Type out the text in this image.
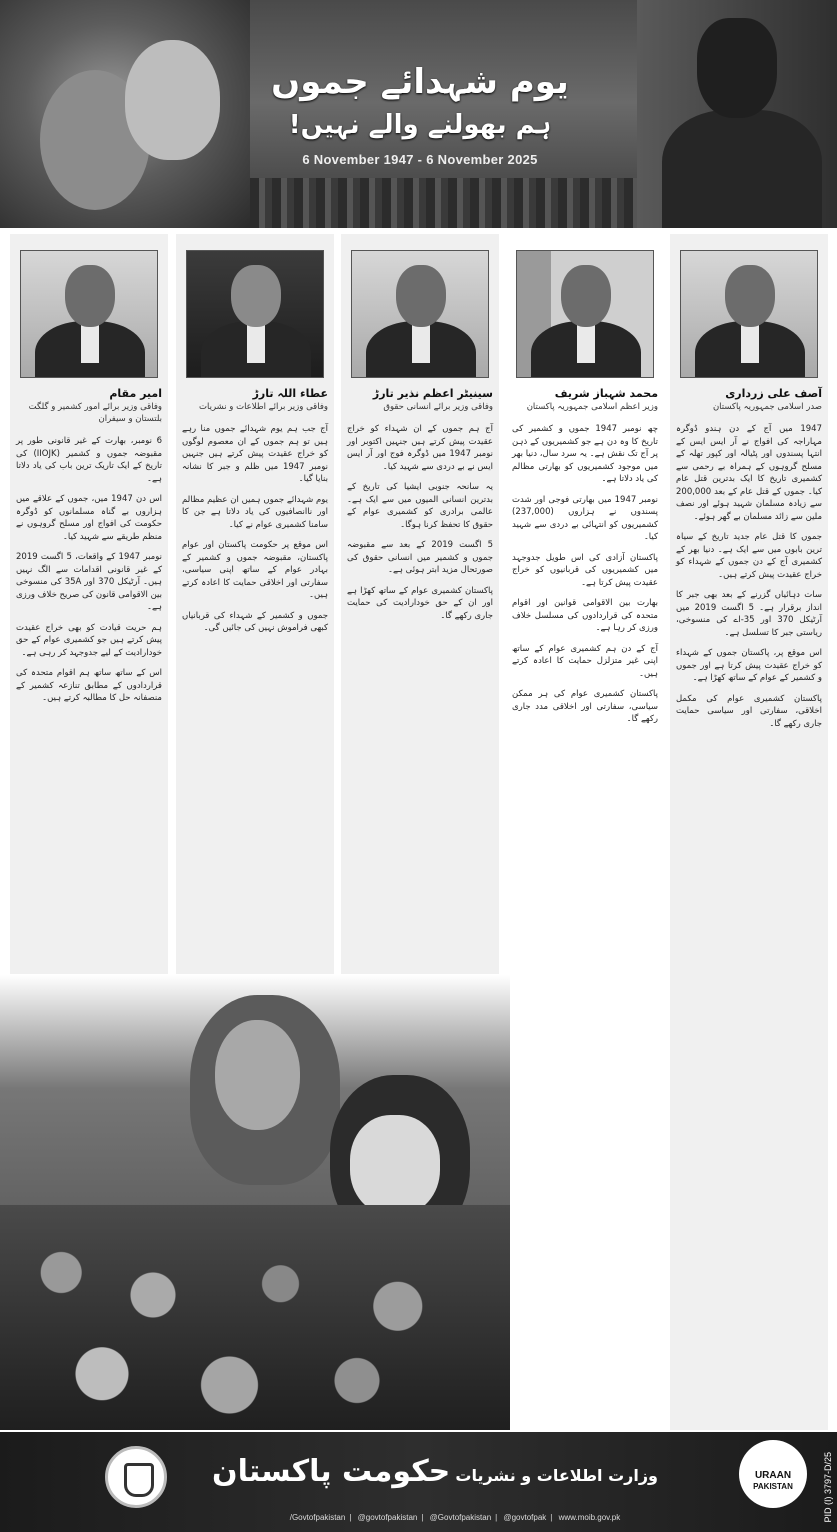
یوم شہدائے جموں
ہم بھولنے والے نہیں!
6 November 1947 - 6 November 2025
آصف علی زرداری
صدر اسلامی جمہوریہ پاکستان

1947 میں آج کے دن ہندو ڈوگرہ مہاراجہ کی افواج نے آر ایس ایس کے انتہا پسندوں اور پٹیالہ اور کپور تھلہ کے مسلح گروہوں کے ہمراہ بے رحمی سے کشمیری تاریخ کا ایک بدترین قتل عام کیا۔ جموں کے قتل عام کے بعد 200,000 سے زیادہ مسلمان شہید ہوئے اور نصف ملین سے زائد مسلمان بے گھر ہوئے۔

جموں کا قتل عام جدید تاریخ کے سیاہ ترین بابوں میں سے ایک ہے۔ دنیا بھر کے کشمیری آج کے دن جموں کے شہداء کو خراج عقیدت پیش کرتے ہیں۔

سات دہائیاں گزرنے کے بعد بھی جبر کا انداز برقرار ہے۔ 5 اگست 2019 میں آرٹیکل 370 اور 35-اے کی منسوخی، ریاستی جبر کا تسلسل ہے۔

اس موقع پر، پاکستان جموں کے شہداء کو خراج عقیدت پیش کرتا ہے اور جموں و کشمیر کے عوام کے ساتھ کھڑا ہے۔

پاکستان کشمیری عوام کی مکمل اخلاقی، سفارتی اور سیاسی حمایت جاری رکھے گا۔

محمد شہباز شریف
وزیر اعظم اسلامی جمہوریہ پاکستان

چھ نومبر 1947 جموں و کشمیر کی تاریخ کا وہ دن ہے جو کشمیریوں کے ذہن پر آج تک نقش ہے۔ یہ سرد سال، دنیا بھر میں موجود کشمیریوں کو بھارتی مظالم کی یاد دلاتا ہے۔

نومبر 1947 میں بھارتی فوجی اور شدت پسندوں نے ہزاروں (237,000) کشمیریوں کو انتہائی بے دردی سے شہید کیا۔

پاکستان آزادی کی اس طویل جدوجہد میں کشمیریوں کی قربانیوں کو خراج عقیدت پیش کرتا ہے۔

بھارت بین الاقوامی قوانین اور اقوام متحدہ کی قراردادوں کی مسلسل خلاف ورزی کر رہا ہے۔

آج کے دن ہم کشمیری عوام کے ساتھ اپنی غیر متزلزل حمایت کا اعادہ کرتے ہیں۔

پاکستان کشمیری عوام کی ہر ممکن سیاسی، سفارتی اور اخلاقی مدد جاری رکھے گا۔

سینیٹر اعظم نذیر تارڑ
وفاقی وزیر برائے انسانی حقوق

آج ہم جموں کے ان شہداء کو خراج عقیدت پیش کرتے ہیں جنہیں اکتوبر اور نومبر 1947 میں ڈوگرہ فوج اور آر ایس ایس نے بے دردی سے شہید کیا۔

یہ سانحہ جنوبی ایشیا کی تاریخ کے بدترین انسانی المیوں میں سے ایک ہے۔ عالمی برادری کو کشمیری عوام کے حقوق کا تحفظ کرنا ہوگا۔

5 اگست 2019 کے بعد سے مقبوضہ جموں و کشمیر میں انسانی حقوق کی صورتحال مزید ابتر ہوئی ہے۔

پاکستان کشمیری عوام کے ساتھ کھڑا ہے اور ان کے حق خودارادیت کی حمایت جاری رکھے گا۔

عطاء اللہ تارڑ
وفاقی وزیر برائے اطلاعات و نشریات

آج جب ہم یوم شہدائے جموں منا رہے ہیں تو ہم جموں کے ان معصوم لوگوں کو خراج عقیدت پیش کرتے ہیں جنہیں نومبر 1947 میں ظلم و جبر کا نشانہ بنایا گیا۔

یوم شہدائے جموں ہمیں ان عظیم مظالم اور ناانصافیوں کی یاد دلاتا ہے جن کا سامنا کشمیری عوام نے کیا۔

اس موقع پر حکومت پاکستان اور عوام پاکستان، مقبوضہ جموں و کشمیر کے بہادر عوام کے ساتھ اپنی سیاسی، سفارتی اور اخلاقی حمایت کا اعادہ کرتے ہیں۔

جموں و کشمیر کے شہداء کی قربانیاں کبھی فراموش نہیں کی جائیں گی۔

امیر مقام
وفاقی وزیر برائے امور کشمیر و گلگت بلتستان و سیفران

6 نومبر، بھارت کے غیر قانونی طور پر مقبوضہ جموں و کشمیر (IIOJK) کی تاریخ کے ایک تاریک ترین باب کی یاد دلاتا ہے۔

اس دن 1947 میں، جموں کے علاقے میں ہزاروں بے گناہ مسلمانوں کو ڈوگرہ حکومت کی افواج اور مسلح گروہوں نے منظم طریقے سے شہید کیا۔

نومبر 1947 کے واقعات، 5 اگست 2019 کے غیر قانونی اقدامات سے الگ نہیں ہیں۔ آرٹیکل 370 اور 35A کی منسوخی بین الاقوامی قانون کی صریح خلاف ورزی ہے۔

ہم حریت قیادت کو بھی خراج عقیدت پیش کرتے ہیں جو کشمیری عوام کے حق خودارادیت کے لیے جدوجہد کر رہی ہے۔

اس کے ساتھ ساتھ ہم اقوام متحدہ کی قراردادوں کے مطابق تنازعہ کشمیر کے منصفانہ حل کا مطالبہ کرتے ہیں۔

وزارت اطلاعات و نشریات حکومت پاکستان	URAAN
PAKISTAN	PID (I) 3797-D/25
/Govtofpakistan | @govtofpakistan | @Govtofpakistan | @govtofpak | www.moib.gov.pk
